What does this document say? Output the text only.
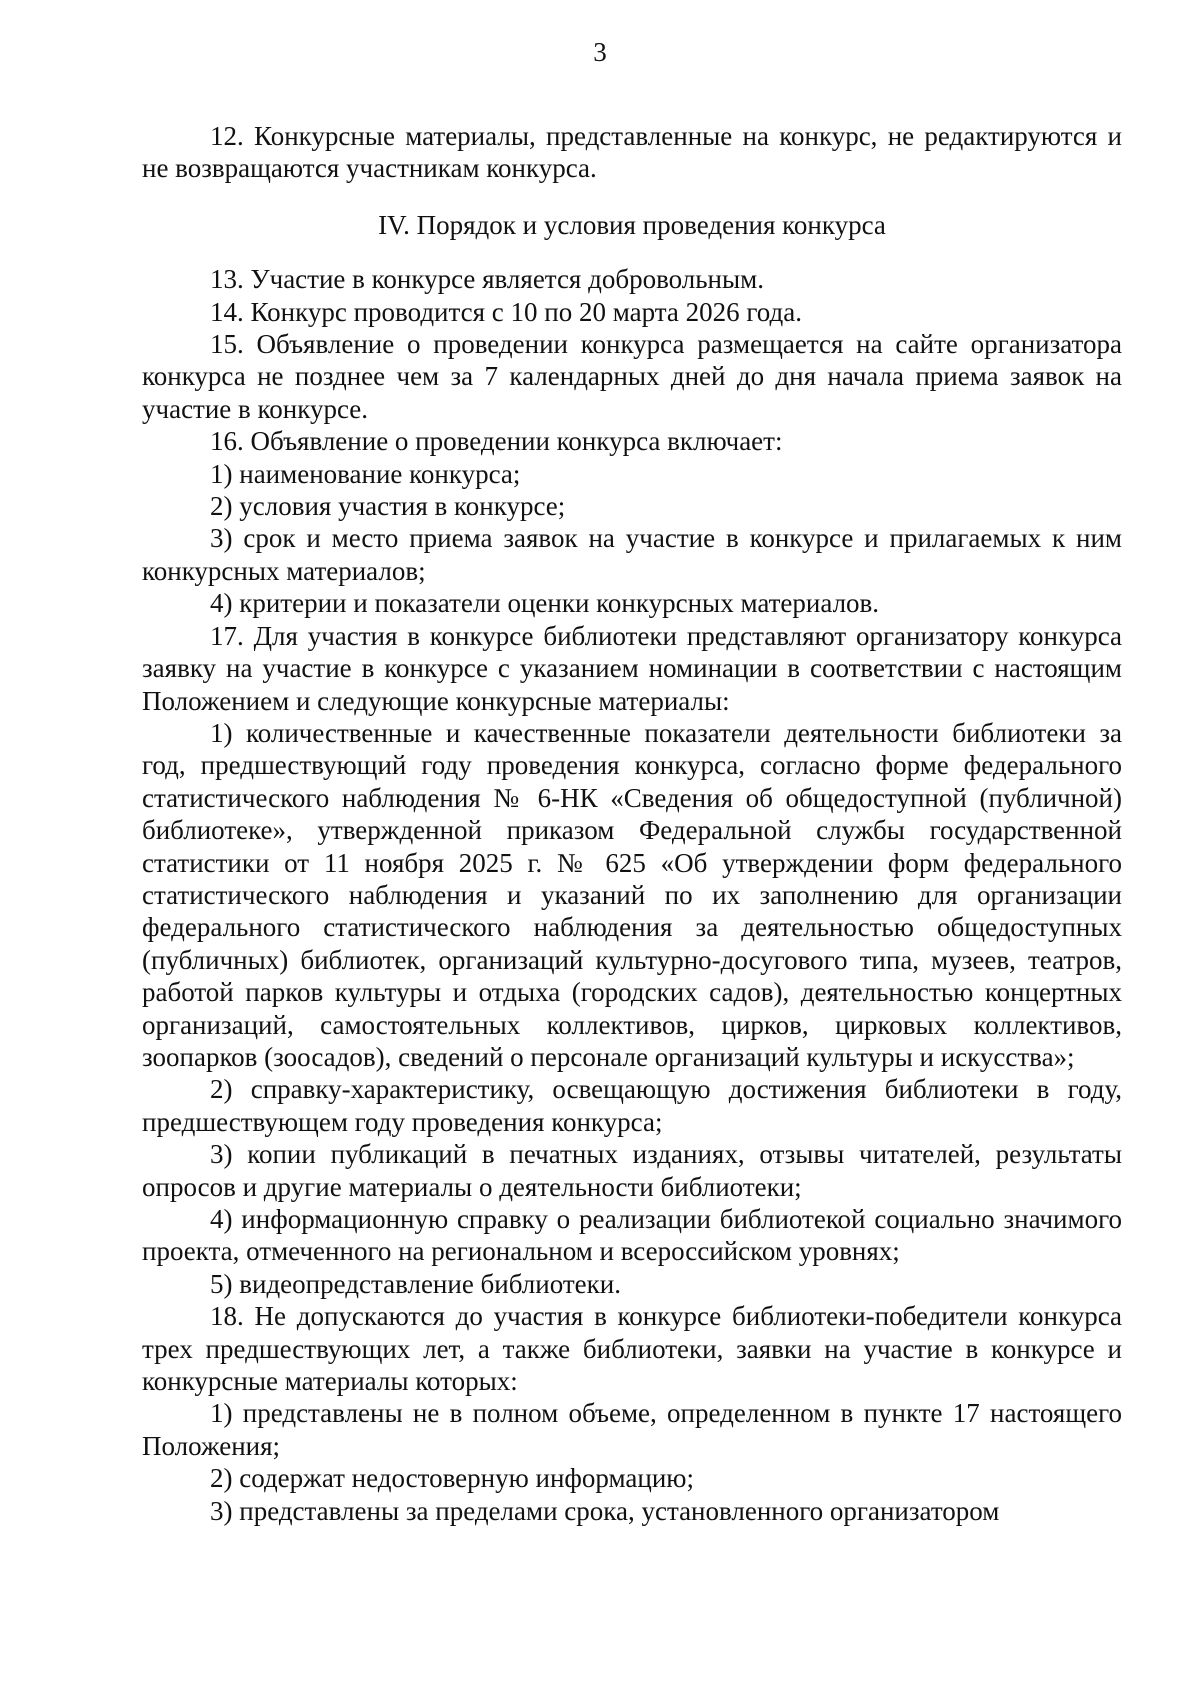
3

12. Конкурсные материалы, представленные на конкурс, не редактируются и не возвращаются участникам конкурса.

IV. Порядок и условия проведения конкурса

13. Участие в конкурсе является добровольным.

14. Конкурс проводится с 10 по 20 марта 2026 года.

15. Объявление о проведении конкурса размещается на сайте организатора конкурса не позднее чем за 7 календарных дней до дня начала приема заявок на участие в конкурсе.

16. Объявление о проведении конкурса включает:

1) наименование конкурса;

2) условия участия в конкурсе;

3) срок и место приема заявок на участие в конкурсе и прилагаемых к ним конкурсных материалов;

4) критерии и показатели оценки конкурсных материалов.

17. Для участия в конкурсе библиотеки представляют организатору конкурса заявку на участие в конкурсе с указанием номинации в соответствии с настоящим Положением и следующие конкурсные материалы:

1) количественные и качественные показатели деятельности библиотеки за год, предшествующий году проведения конкурса, согласно форме федерального статистического наблюдения № 6-НК «Сведения об общедоступной (публичной) библиотеке», утвержденной приказом Федеральной службы государственной статистики от 11 ноября 2025 г. № 625 «Об утверждении форм федерального статистического наблюдения и указаний по их заполнению для организации федерального статистического наблюдения за деятельностью общедоступных (публичных) библиотек, организаций культурно-досугового типа, музеев, театров, работой парков культуры и отдыха (городских садов), деятельностью концертных организаций, самостоятельных коллективов, цирков, цирковых коллективов, зоопарков (зоосадов), сведений о персонале организаций культуры и искусства»;

2) справку-характеристику, освещающую достижения библиотеки в году, предшествующем году проведения конкурса;

3) копии публикаций в печатных изданиях, отзывы читателей, результаты опросов и другие материалы о деятельности библиотеки;

4) информационную справку о реализации библиотекой социально значимого проекта, отмеченного на региональном и всероссийском уровнях;

5) видеопредставление библиотеки.

18. Не допускаются до участия в конкурсе библиотеки-победители конкурса трех предшествующих лет, а также библиотеки, заявки на участие в конкурсе и конкурсные материалы которых:

1) представлены не в полном объеме, определенном в пункте 17 настоящего Положения;

2) содержат недостоверную информацию;

3) представлены за пределами срока, установленного организатором
